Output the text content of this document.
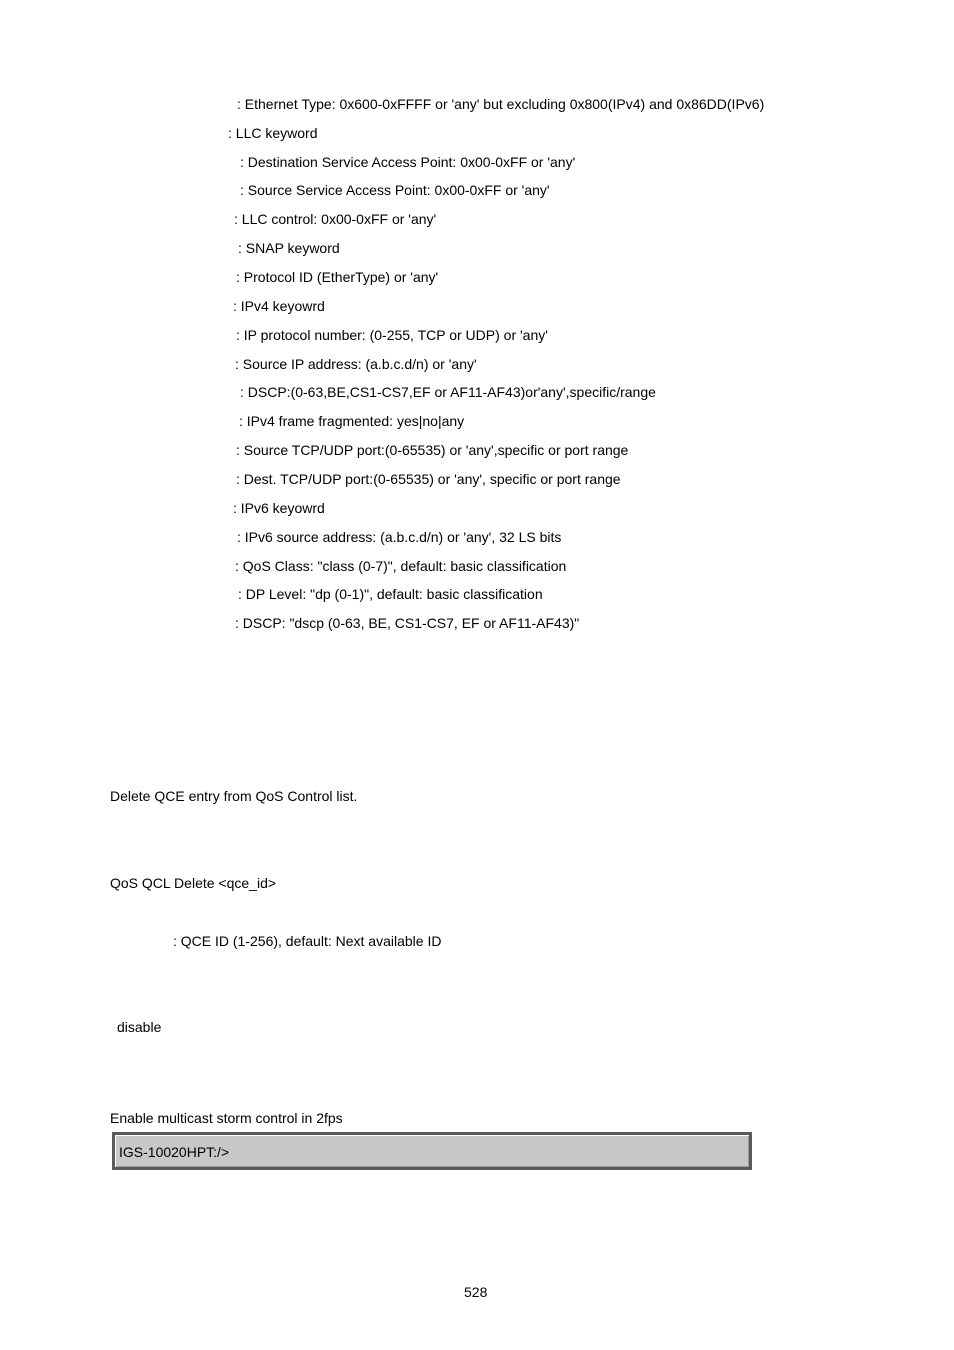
: Ethernet Type: 0x600-0xFFFF or 'any' but excluding 0x800(IPv4) and 0x86DD(IPv6)
: LLC keyword
: Destination Service Access Point: 0x00-0xFF or 'any'
: Source Service Access Point: 0x00-0xFF or 'any'
: LLC control: 0x00-0xFF or 'any'
: SNAP keyword
: Protocol ID (EtherType) or 'any'
: IPv4 keyowrd
: IP protocol number: (0-255, TCP or UDP) or 'any'
: Source IP address: (a.b.c.d/n) or 'any'
: DSCP:(0-63,BE,CS1-CS7,EF or AF11-AF43)or'any',specific/range
: IPv4 frame fragmented: yes|no|any
: Source TCP/UDP port:(0-65535) or 'any',specific or port range
: Dest. TCP/UDP port:(0-65535) or 'any', specific or port range
: IPv6 keyowrd
: IPv6 source address: (a.b.c.d/n) or 'any', 32 LS bits
: QoS Class: "class (0-7)", default: basic classification
: DP Level: "dp (0-1)", default: basic classification
: DSCP: "dscp (0-63, BE, CS1-CS7, EF or AF11-AF43)"
Delete QCE entry from QoS Control list.
QoS QCL Delete <qce_id>
: QCE ID (1-256), default: Next available ID
disable
Enable multicast storm control in 2fps
IGS-10020HPT:/>
528
